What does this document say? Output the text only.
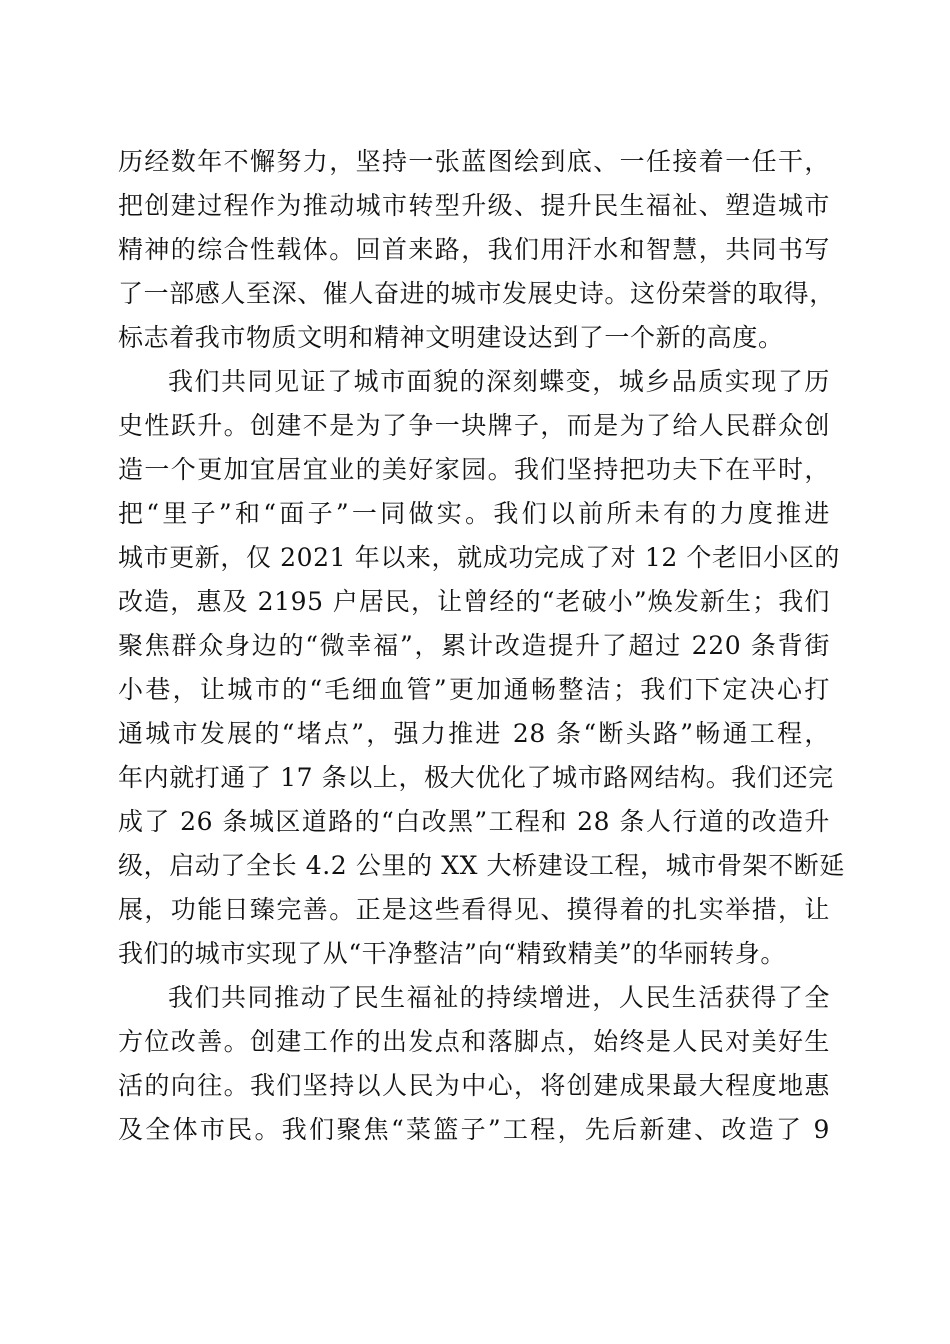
历经数年不懈努力，坚持一张蓝图绘到底、一任接着一任干，
把创建过程作为推动城市转型升级、提升民生福祉、塑造城市
精神的综合性载体。回首来路，我们用汗水和智慧，共同书写
了一部感人至深、催人奋进的城市发展史诗。这份荣誉的取得，
标志着我市物质文明和精神文明建设达到了一个新的高度。
我们共同见证了城市面貌的深刻蝶变，城乡品质实现了历
史性跃升。创建不是为了争一块牌子，而是为了给人民群众创
造一个更加宜居宜业的美好家园。我们坚持把功夫下在平时，
把“里子”和“面子”一同做实。我们以前所未有的力度推进
城市更新，仅 2021 年以来，就成功完成了对 12 个老旧小区的
改造，惠及 2195 户居民，让曾经的“老破小”焕发新生；我们
聚焦群众身边的“微幸福”，累计改造提升了超过 220 条背街
小巷，让城市的“毛细血管”更加通畅整洁；我们下定决心打
通城市发展的“堵点”，强力推进 28 条“断头路”畅通工程，
年内就打通了 17 条以上，极大优化了城市路网结构。我们还完
成了 26 条城区道路的“白改黑”工程和 28 条人行道的改造升
级，启动了全长 4.2 公里的 XX 大桥建设工程，城市骨架不断延
展，功能日臻完善。正是这些看得见、摸得着的扎实举措，让
我们的城市实现了从“干净整洁”向“精致精美”的华丽转身。
我们共同推动了民生福祉的持续增进，人民生活获得了全
方位改善。创建工作的出发点和落脚点，始终是人民对美好生
活的向往。我们坚持以人民为中心，将创建成果最大程度地惠
及全体市民。我们聚焦“菜篮子”工程，先后新建、改造了 9
